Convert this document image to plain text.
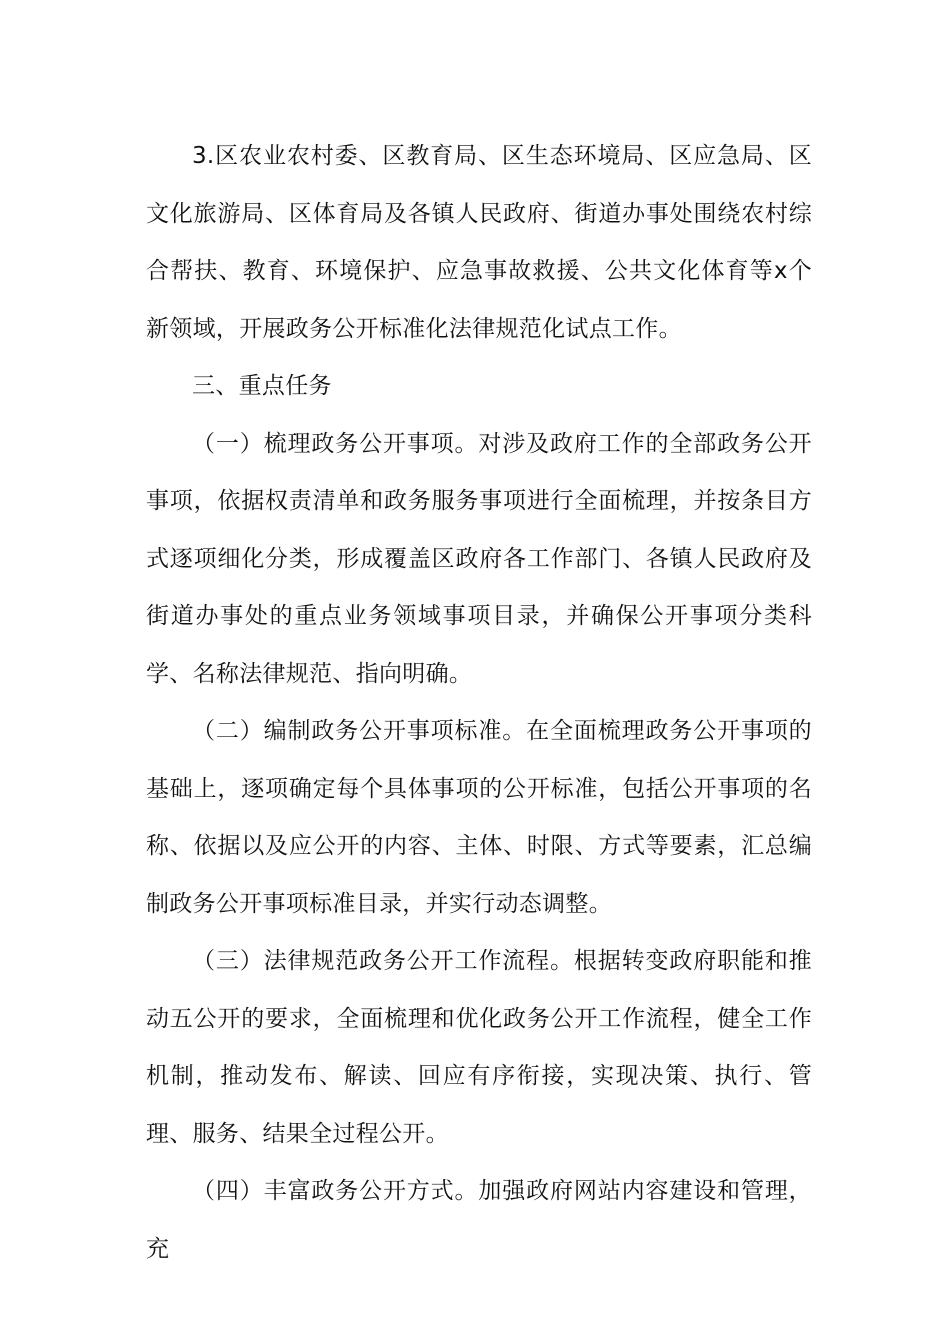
3.区农业农村委、区教育局、区生态环境局、区应急局、区文化旅游局、区体育局及各镇人民政府、街道办事处围绕农村综合帮扶、教育、环境保护、应急事故救援、公共文化体育等x个新领域，开展政务公开标准化法律规范化试点工作。

三、重点任务

（一）梳理政务公开事项。对涉及政府工作的全部政务公开事项，依据权责清单和政务服务事项进行全面梳理，并按条目方式逐项细化分类，形成覆盖区政府各工作部门、各镇人民政府及街道办事处的重点业务领域事项目录，并确保公开事项分类科学、名称法律规范、指向明确。

（二）编制政务公开事项标准。在全面梳理政务公开事项的基础上，逐项确定每个具体事项的公开标准，包括公开事项的名称、依据以及应公开的内容、主体、时限、方式等要素，汇总编制政务公开事项标准目录，并实行动态调整。

（三）法律规范政务公开工作流程。根据转变政府职能和推动五公开的要求，全面梳理和优化政务公开工作流程，健全工作机制，推动发布、解读、回应有序衔接，实现决策、执行、管理、服务、结果全过程公开。

（四）丰富政务公开方式。加强政府网站内容建设和管理，充
